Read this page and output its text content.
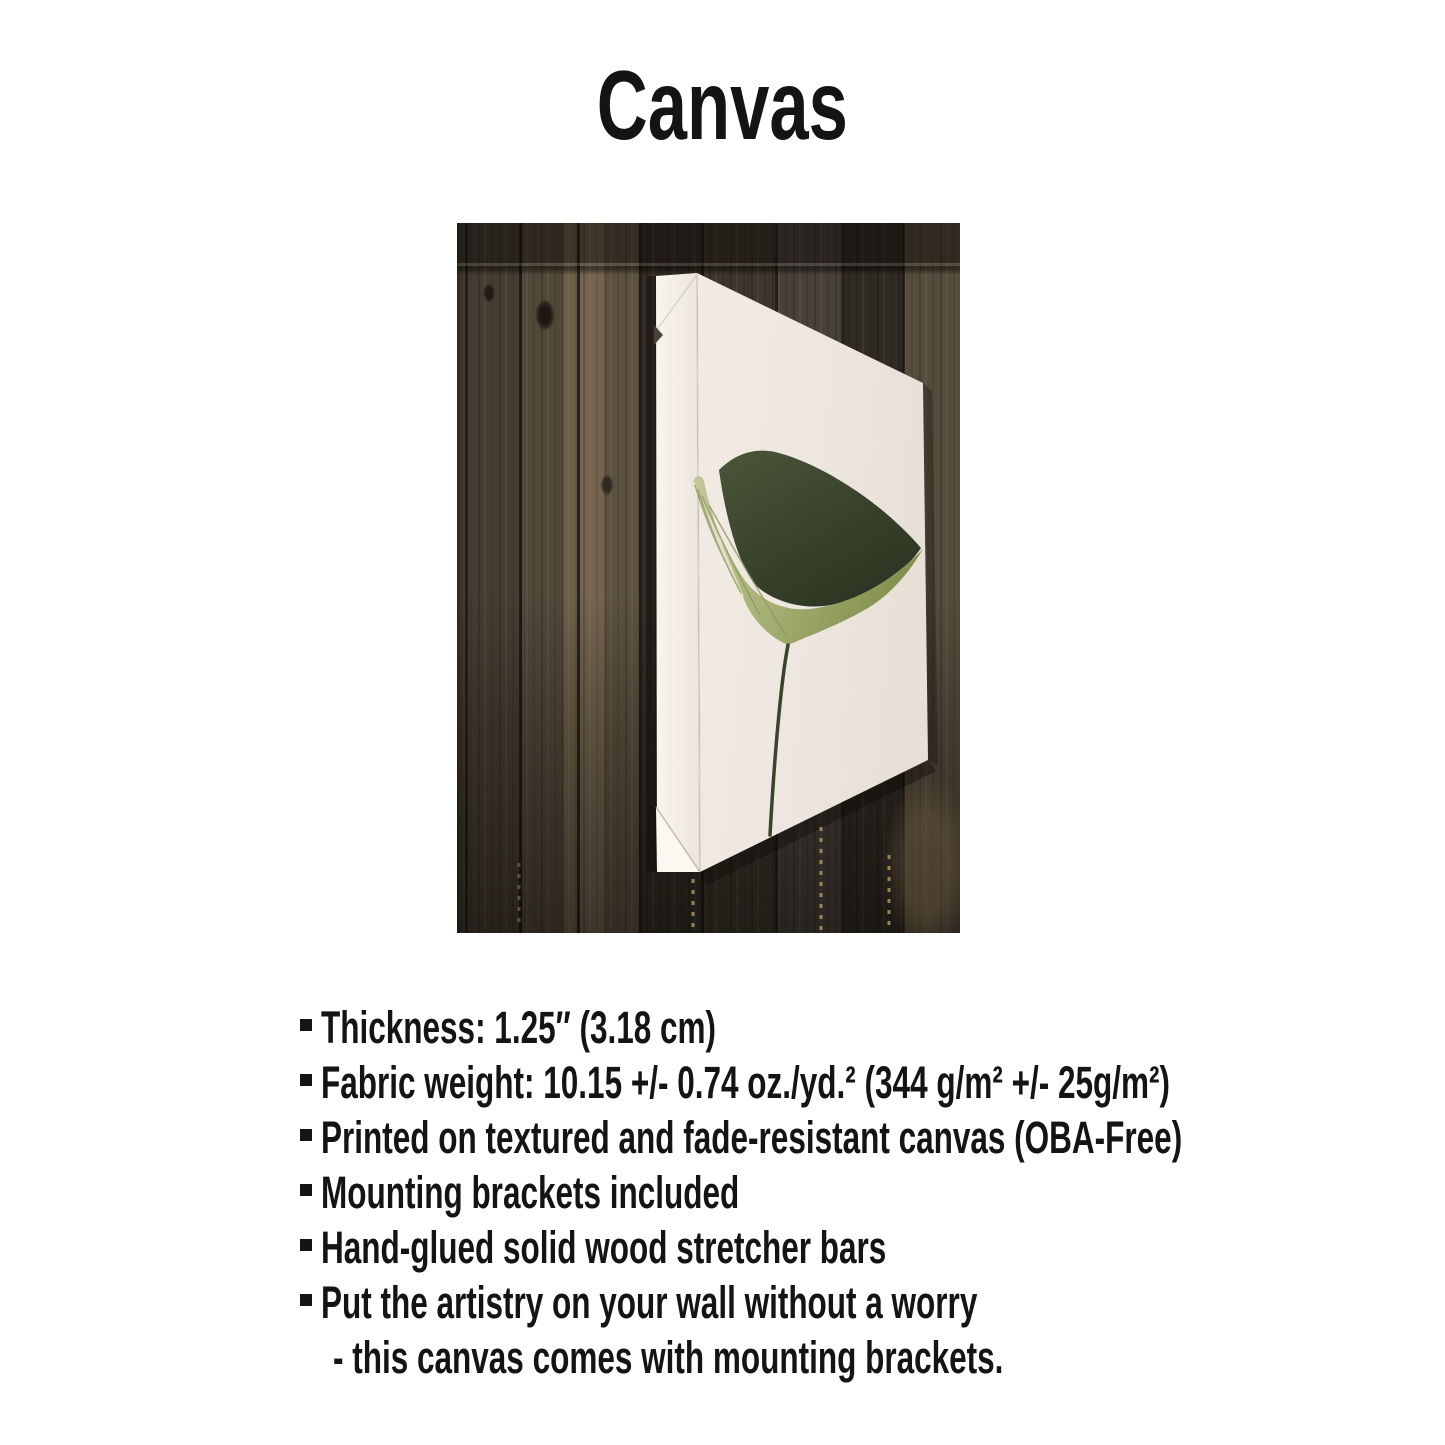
Canvas
Thickness: 1.25″ (3.18 cm)
Fabric weight: 10.15 +/- 0.74 oz./yd.² (344 g/m² +/- 25g/m²)
Printed on textured and fade-resistant canvas (OBA-Free)
Mounting brackets included
Hand-glued solid wood stretcher bars
Put the artistry on your wall without a worry
- this canvas comes with mounting brackets.
